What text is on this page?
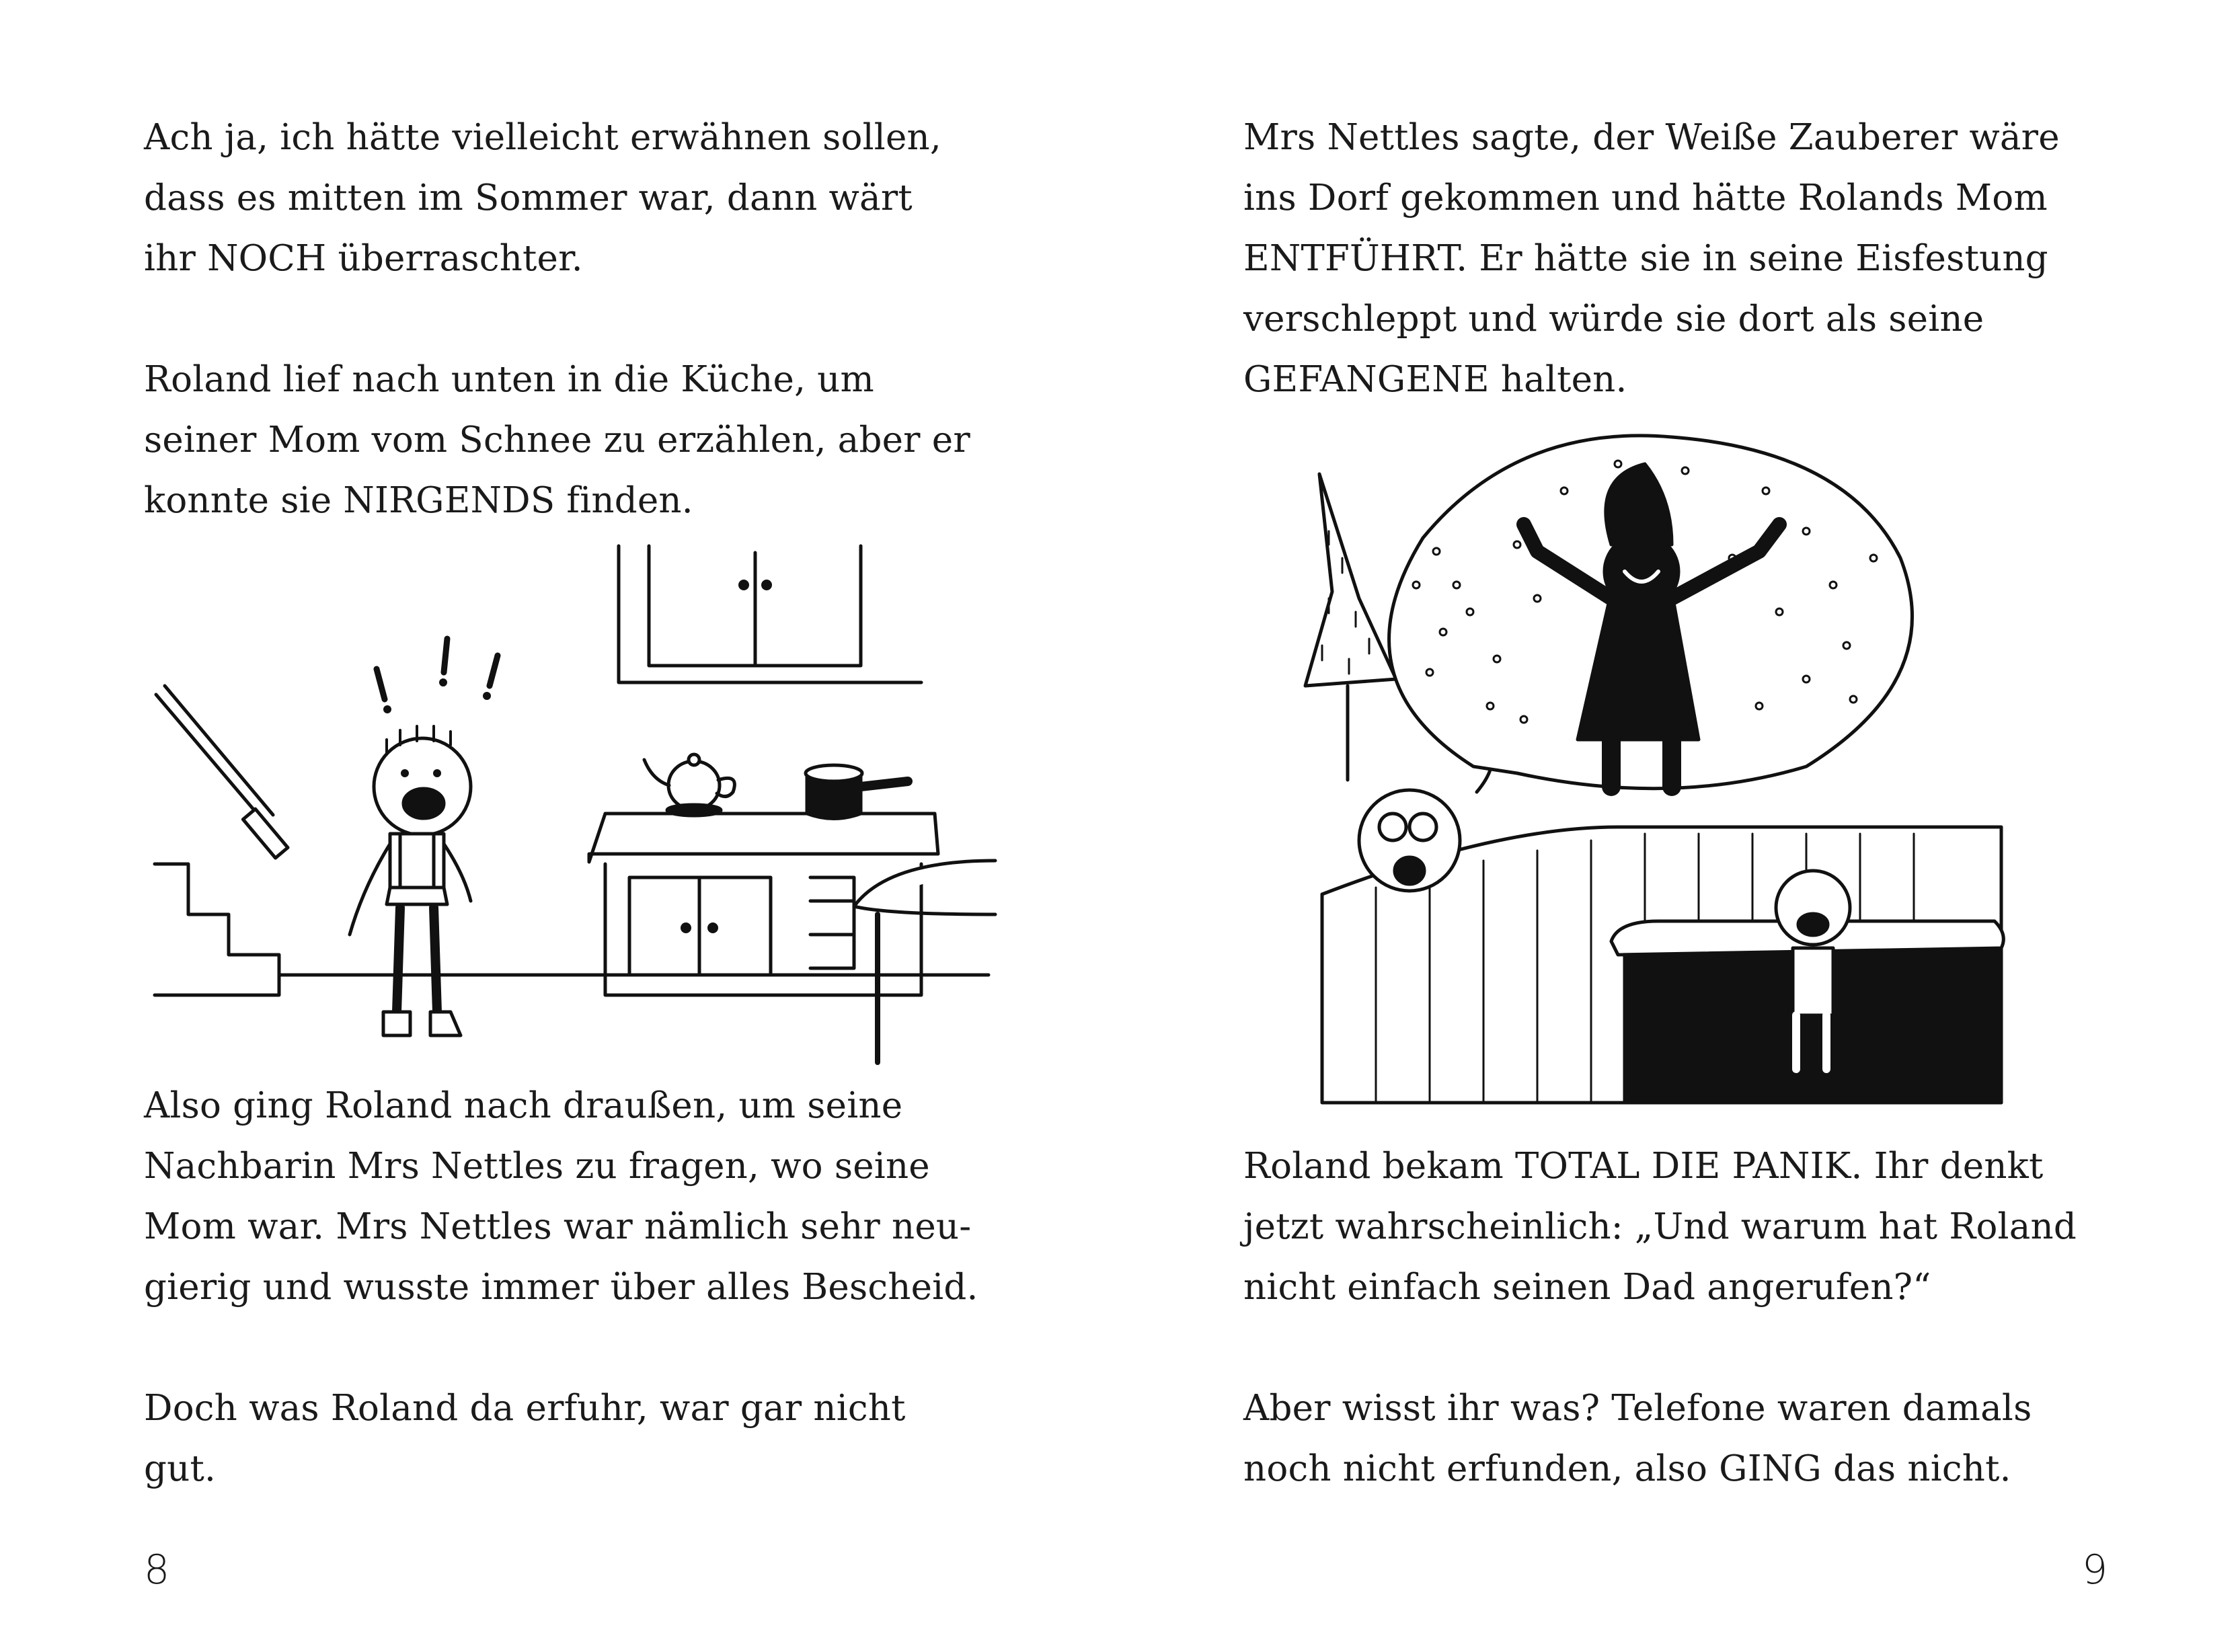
Ach ja, ich hätte vielleicht erwähnen sollen,
dass es mitten im Sommer war, dann wärt
ihr NOCH überraschter.

Roland lief nach unten in die Küche, um
seiner Mom vom Schnee zu erzählen, aber er
konnte sie NIRGENDS finden.

Also ging Roland nach draußen, um seine
Nachbarin Mrs Nettles zu fragen, wo seine
Mom war. Mrs Nettles war nämlich sehr neu-
gierig und wusste immer über alles Bescheid.

Doch was Roland da erfuhr, war gar nicht
gut.

8

Mrs Nettles sagte, der Weiße Zauberer wäre
ins Dorf gekommen und hätte Rolands Mom
ENTFÜHRT. Er hätte sie in seine Eisfestung
verschleppt und würde sie dort als seine
GEFANGENE halten.

Roland bekam TOTAL DIE PANIK. Ihr denkt
jetzt wahrscheinlich: „Und warum hat Roland
nicht einfach seinen Dad angerufen?“

Aber wisst ihr was? Telefone waren damals
noch nicht erfunden, also GING das nicht.

9
